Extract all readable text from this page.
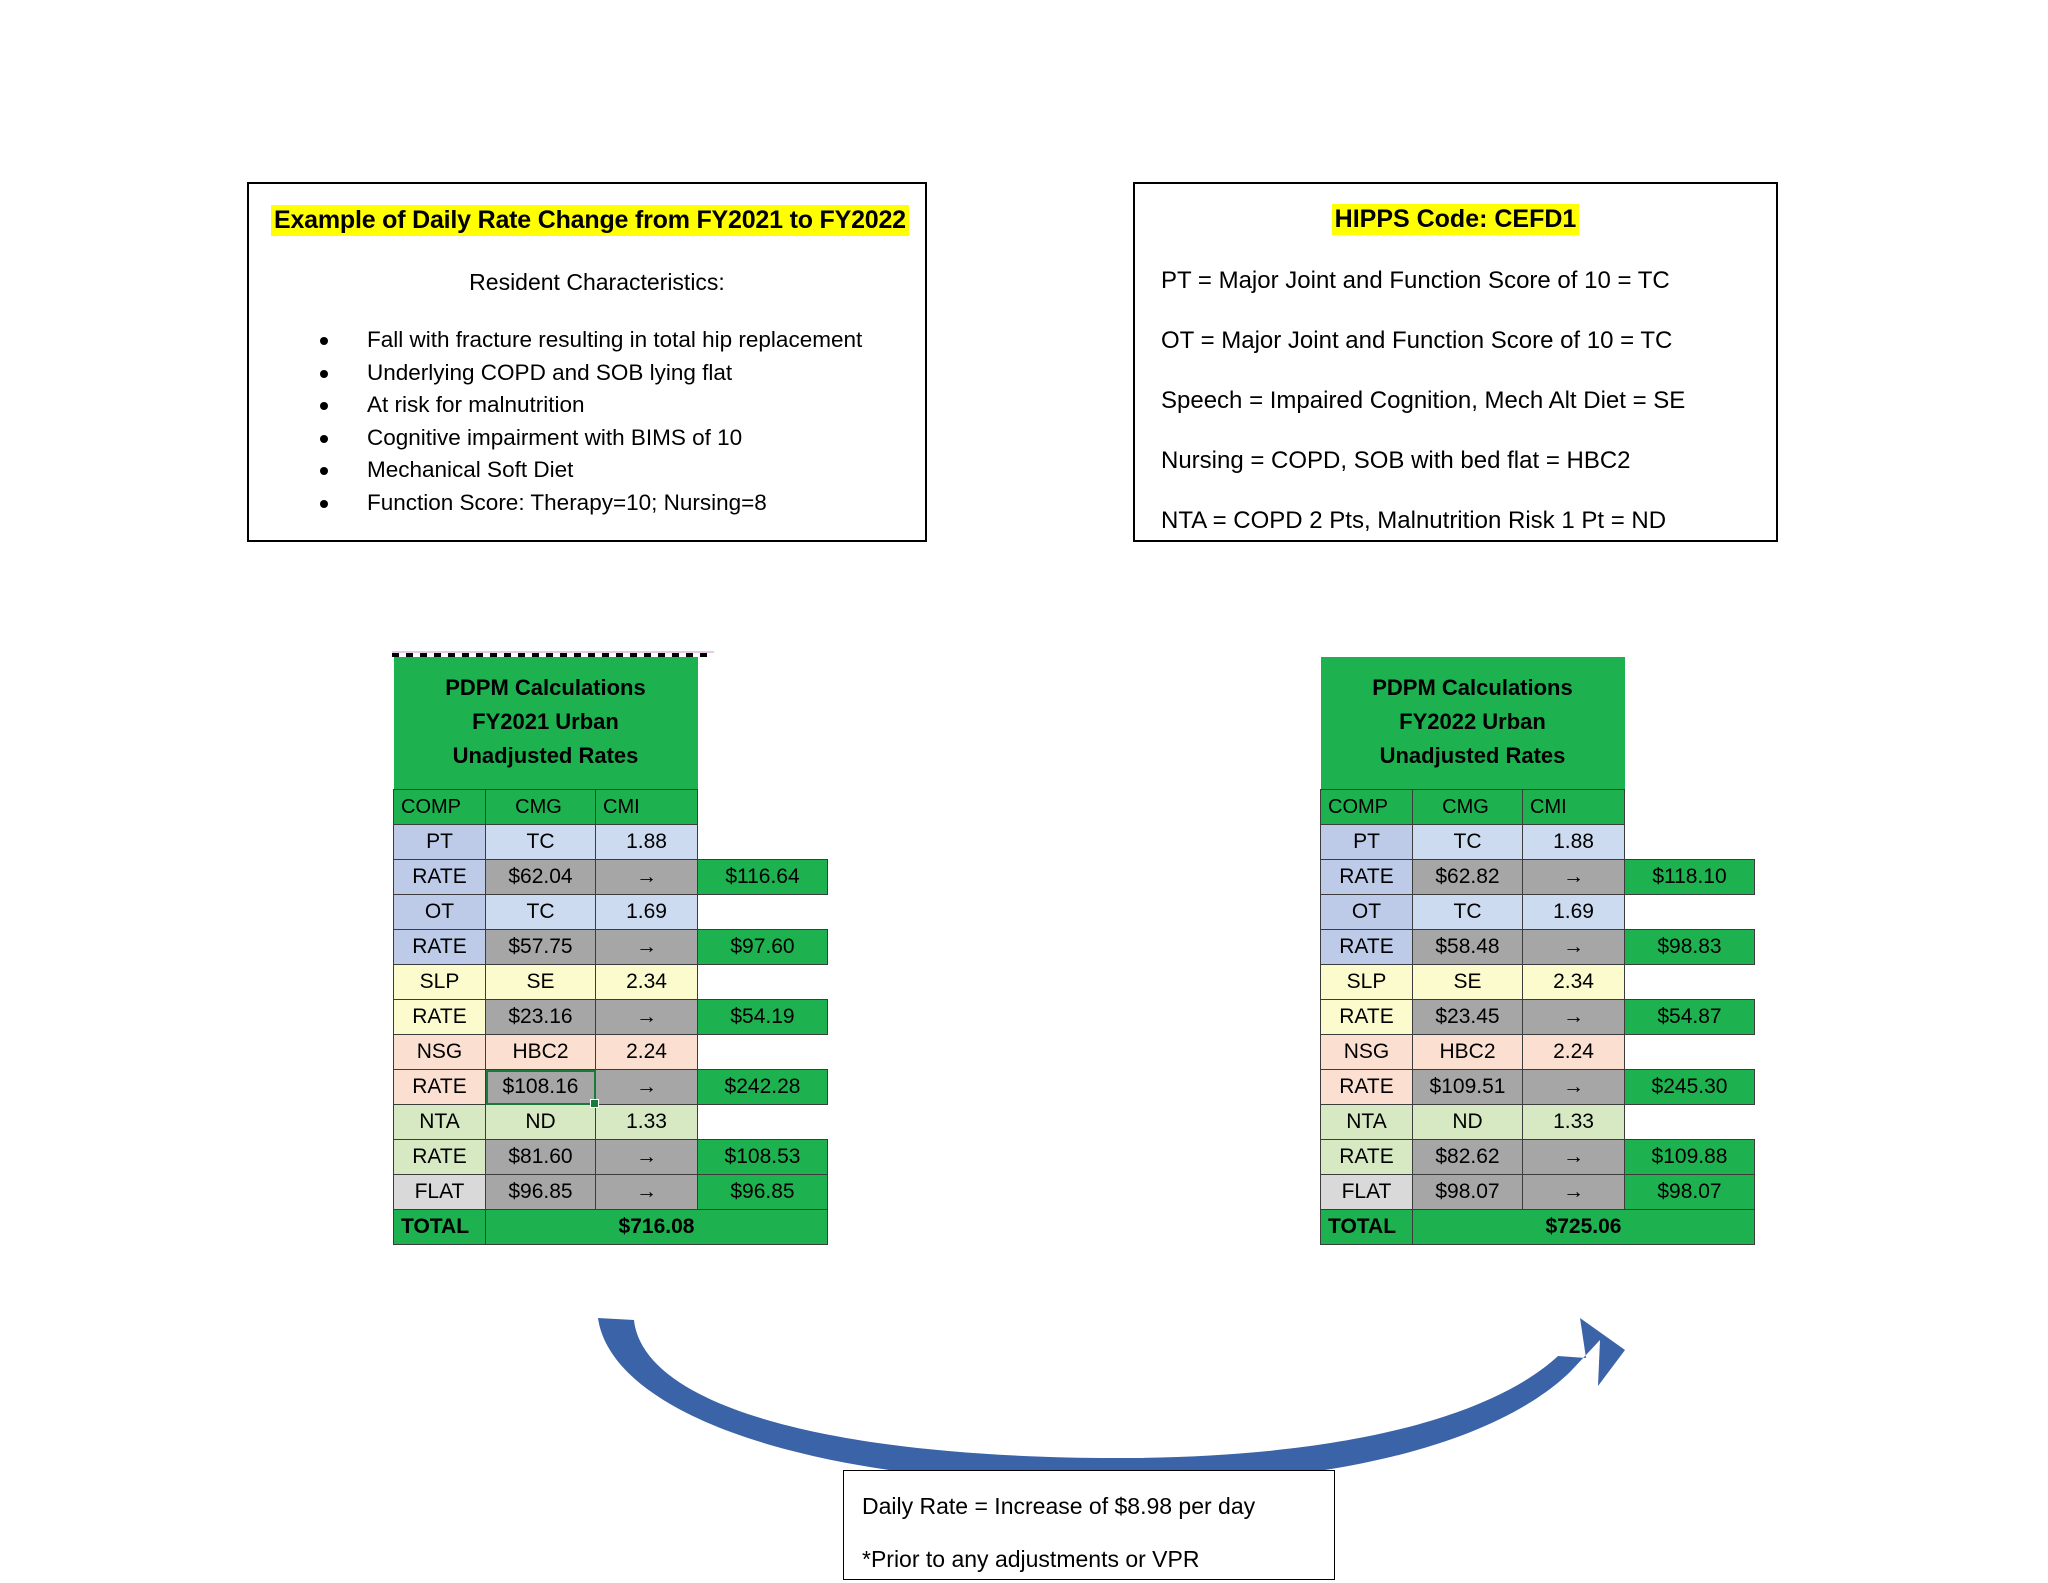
Example of Daily Rate Change from FY2021 to FY2022
Resident Characteristics:
Fall with fracture resulting in total hip replacement
Underlying COPD and SOB lying flat
At risk for malnutrition
Cognitive impairment with BIMS of 10
Mechanical Soft Diet
Function Score: Therapy=10; Nursing=8
HIPPS Code: CEFD1
PT = Major Joint and Function Score of 10 = TC
OT = Major Joint and Function Score of 10 = TC
Speech = Impaired Cognition, Mech Alt Diet = SE
Nursing = COPD, SOB with bed flat = HBC2
NTA = COPD 2 Pts, Malnutrition Risk 1 Pt = ND
PDPM Calculations
FY2021 Urban
Unadjusted Rates			
COMP	CMG	CMI	
PT	TC	1.88	
RATE	$62.04	→	$116.64
OT	TC	1.69	
RATE	$57.75	→	$97.60
SLP	SE	2.34	
RATE	$23.16	→	$54.19
NSG	HBC2	2.24	
RATE	$108.16	→	$242.28
NTA	ND	1.33	
RATE	$81.60	→	$108.53
FLAT	$96.85	→	$96.85
TOTAL	$716.08		
PDPM Calculations
FY2022 Urban
Unadjusted Rates			
COMP	CMG	CMI	
PT	TC	1.88	
RATE	$62.82	→	$118.10
OT	TC	1.69	
RATE	$58.48	→	$98.83
SLP	SE	2.34	
RATE	$23.45	→	$54.87
NSG	HBC2	2.24	
RATE	$109.51	→	$245.30
NTA	ND	1.33	
RATE	$82.62	→	$109.88
FLAT	$98.07	→	$98.07
TOTAL	$725.06		
Daily Rate = Increase of $8.98 per day
*Prior to any adjustments or VPR
